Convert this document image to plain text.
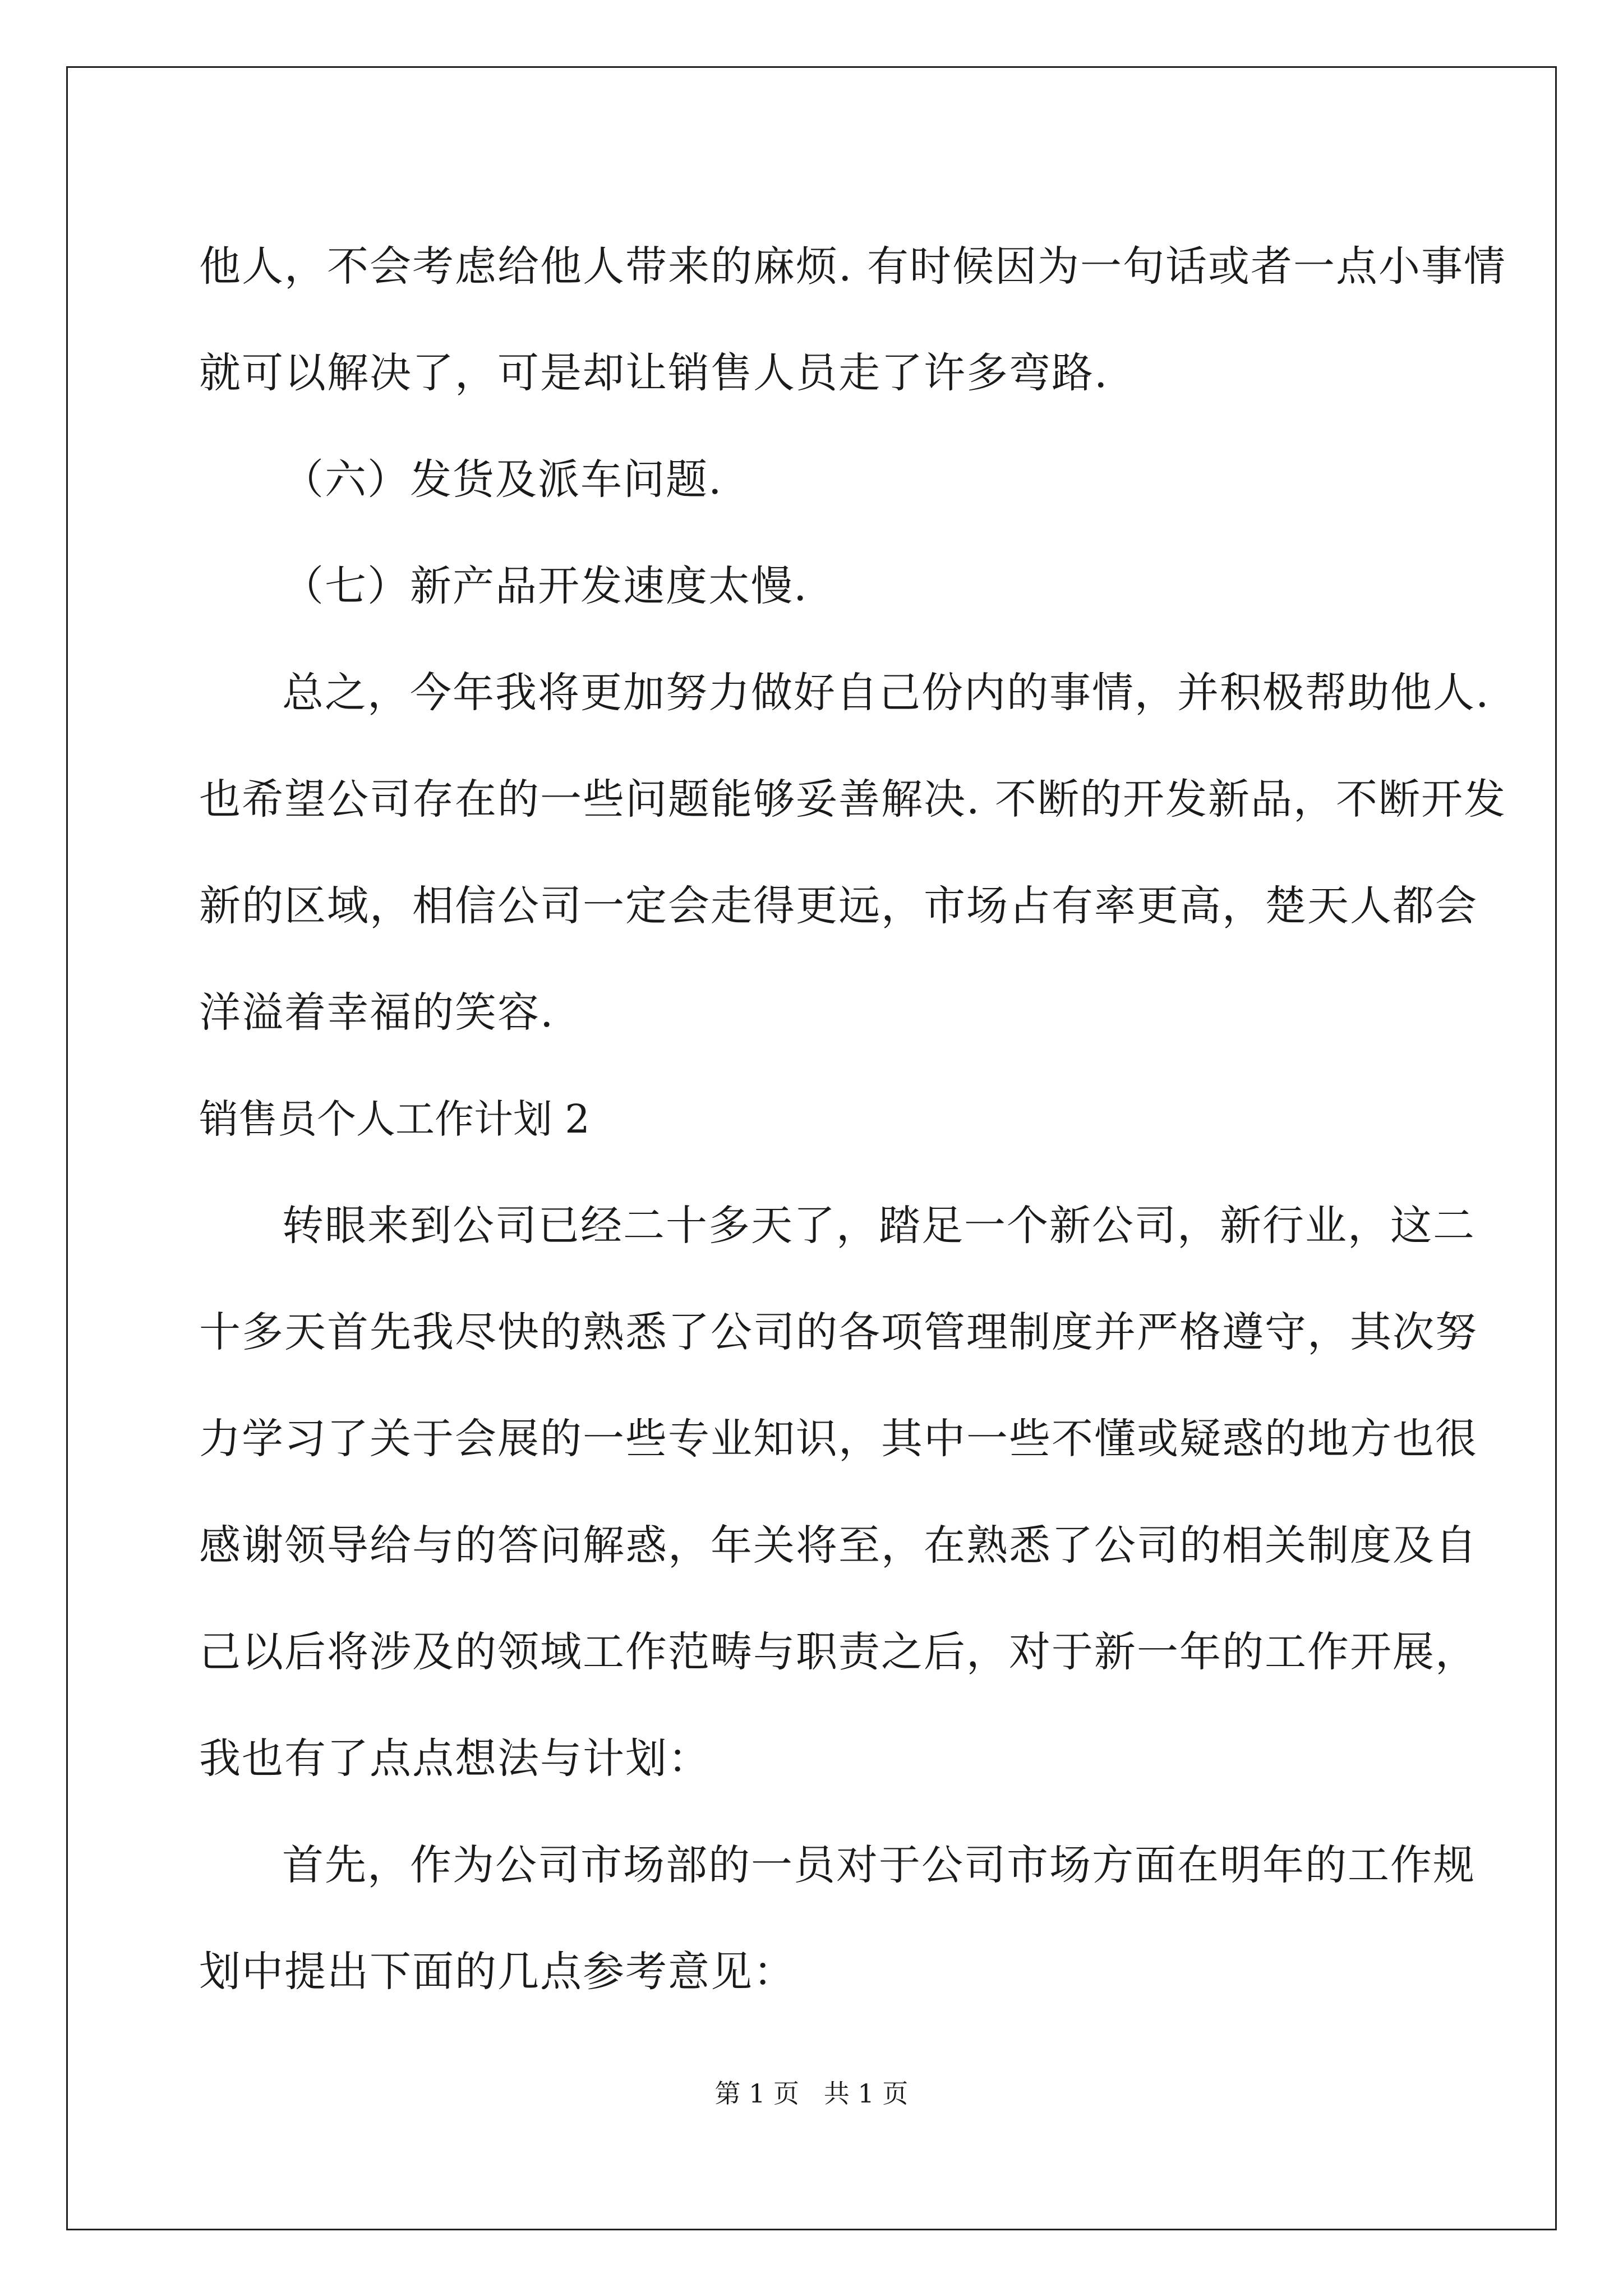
他人，不会考虑给他人带来的麻烦. 有时候因为一句话或者一点小事情
就可以解决了，可是却让销售人员走了许多弯路.
（六）发货及派车问题.
（七）新产品开发速度太慢.
总之，今年我将更加努力做好自己份内的事情，并积极帮助他人.
也希望公司存在的一些问题能够妥善解决. 不断的开发新品，不断开发
新的区域，相信公司一定会走得更远，市场占有率更高，楚天人都会
洋溢着幸福的笑容.
销售员个人工作计划 2
转眼来到公司已经二十多天了，踏足一个新公司，新行业，这二
十多天首先我尽快的熟悉了公司的各项管理制度并严格遵守，其次努
力学习了关于会展的一些专业知识，其中一些不懂或疑惑的地方也很
感谢领导给与的答问解惑，年关将至，在熟悉了公司的相关制度及自
己以后将涉及的领域工作范畴与职责之后，对于新一年的工作开展，
我也有了点点想法与计划：
首先，作为公司市场部的一员对于公司市场方面在明年的工作规
划中提出下面的几点参考意见：
第 1 页   共 1 页
